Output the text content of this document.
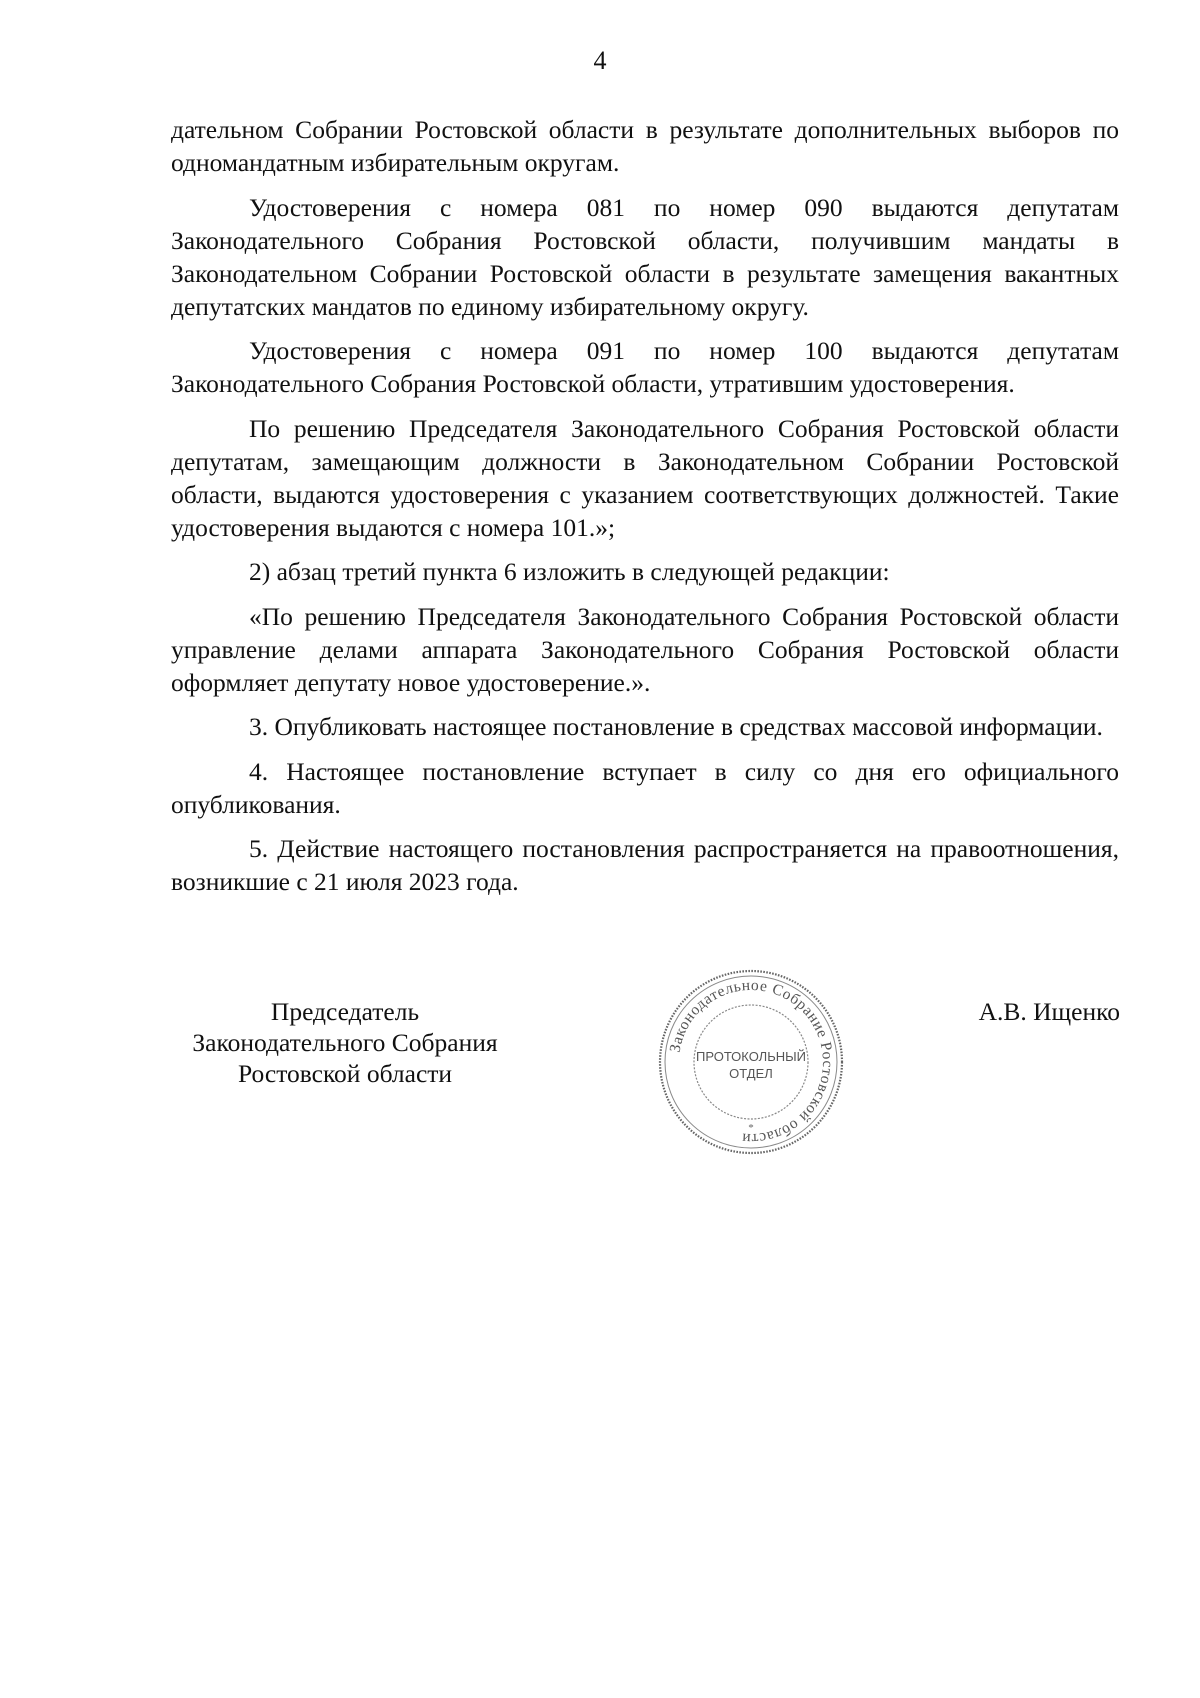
4

дательном Собрании Ростовской области в результате дополнительных выборов по одномандатным избирательным округам.

Удостоверения с номера 081 по номер 090 выдаются депутатам Законодательного Собрания Ростовской области, получившим мандаты в Законодательном Собрании Ростовской области в результате замещения вакантных депутатских мандатов по единому избирательному округу.

Удостоверения с номера 091 по номер 100 выдаются депутатам Законодательного Собрания Ростовской области, утратившим удостоверения.

По решению Председателя Законодательного Собрания Ростовской области депутатам, замещающим должности в Законодательном Собрании Ростовской области, выдаются удостоверения с указанием соответствующих должностей. Такие удостоверения выдаются с номера 101.»;

2) абзац третий пункта 6 изложить в следующей редакции:

«По решению Председателя Законодательного Собрания Ростовской области управление делами аппарата Законодательного Собрания Ростовской области оформляет депутату новое удостоверение.».

3. Опубликовать настоящее постановление в средствах массовой информации.

4. Настоящее постановление вступает в силу со дня его официального опубликования.

5. Действие настоящего постановления распространяется на правоотношения, возникшие с 21 июля 2023 года.

Председатель
Законодательного Собрания
Ростовской области
Законодательное Собрание Ростовской области
ПРОТОКОЛЬНЫЙ
ОТДЕЛ
*
А.В. Ищенко
